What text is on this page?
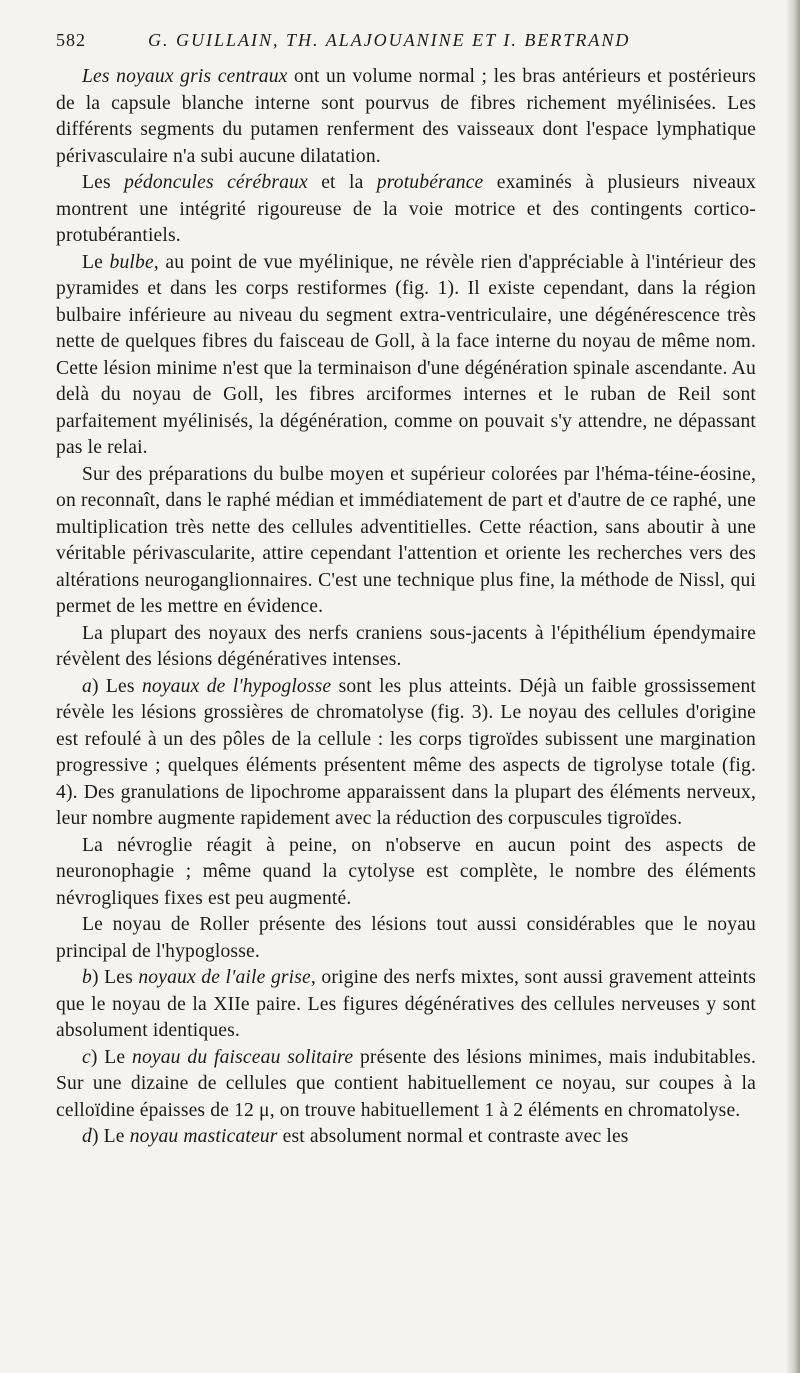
582	G. GUILLAIN, TH. ALAJOUANINE ET I. BERTRAND

Les noyaux gris centraux ont un volume normal ; les bras antérieurs et postérieurs de la capsule blanche interne sont pourvus de fibres richement myélinisées. Les différents segments du putamen renferment des vaisseaux dont l'espace lymphatique périvasculaire n'a subi aucune dilatation.

Les pédoncules cérébraux et la protubérance examinés à plusieurs niveaux montrent une intégrité rigoureuse de la voie motrice et des contingents cortico-protubérantiels.

Le bulbe, au point de vue myélinique, ne révèle rien d'appréciable à l'intérieur des pyramides et dans les corps restiformes (fig. 1). Il existe cependant, dans la région bulbaire inférieure au niveau du segment extra-ventriculaire, une dégénérescence très nette de quelques fibres du faisceau de Goll, à la face interne du noyau de même nom. Cette lésion minime n'est que la terminaison d'une dégénération spinale ascendante. Au delà du noyau de Goll, les fibres arciformes internes et le ruban de Reil sont parfaitement myélinisés, la dégénération, comme on pouvait s'y attendre, ne dépassant pas le relai.

Sur des préparations du bulbe moyen et supérieur colorées par l'héma-téine-éosine, on reconnaît, dans le raphé médian et immédiatement de part et d'autre de ce raphé, une multiplication très nette des cellules adventitielles. Cette réaction, sans aboutir à une véritable périvascularite, attire cependant l'attention et oriente les recherches vers des altérations neuroganglionnaires. C'est une technique plus fine, la méthode de Nissl, qui permet de les mettre en évidence.

La plupart des noyaux des nerfs craniens sous-jacents à l'épithélium épendymaire révèlent des lésions dégénératives intenses.

a) Les noyaux de l'hypoglosse sont les plus atteints. Déjà un faible grossissement révèle les lésions grossières de chromatolyse (fig. 3). Le noyau des cellules d'origine est refoulé à un des pôles de la cellule : les corps tigroïdes subissent une margination progressive ; quelques éléments présentent même des aspects de tigrolyse totale (fig. 4). Des granulations de lipochrome apparaissent dans la plupart des éléments nerveux, leur nombre augmente rapidement avec la réduction des corpuscules tigroïdes.

La névroglie réagit à peine, on n'observe en aucun point des aspects de neuronophagie ; même quand la cytolyse est complète, le nombre des éléments névrogliques fixes est peu augmenté.

Le noyau de Roller présente des lésions tout aussi considérables que le noyau principal de l'hypoglosse.

b) Les noyaux de l'aile grise, origine des nerfs mixtes, sont aussi gravement atteints que le noyau de la XIIe paire. Les figures dégénératives des cellules nerveuses y sont absolument identiques.

c) Le noyau du faisceau solitaire présente des lésions minimes, mais indubitables. Sur une dizaine de cellules que contient habituellement ce noyau, sur coupes à la celloïdine épaisses de 12 μ, on trouve habituellement 1 à 2 éléments en chromatolyse.

d) Le noyau masticateur est absolument normal et contraste avec les
